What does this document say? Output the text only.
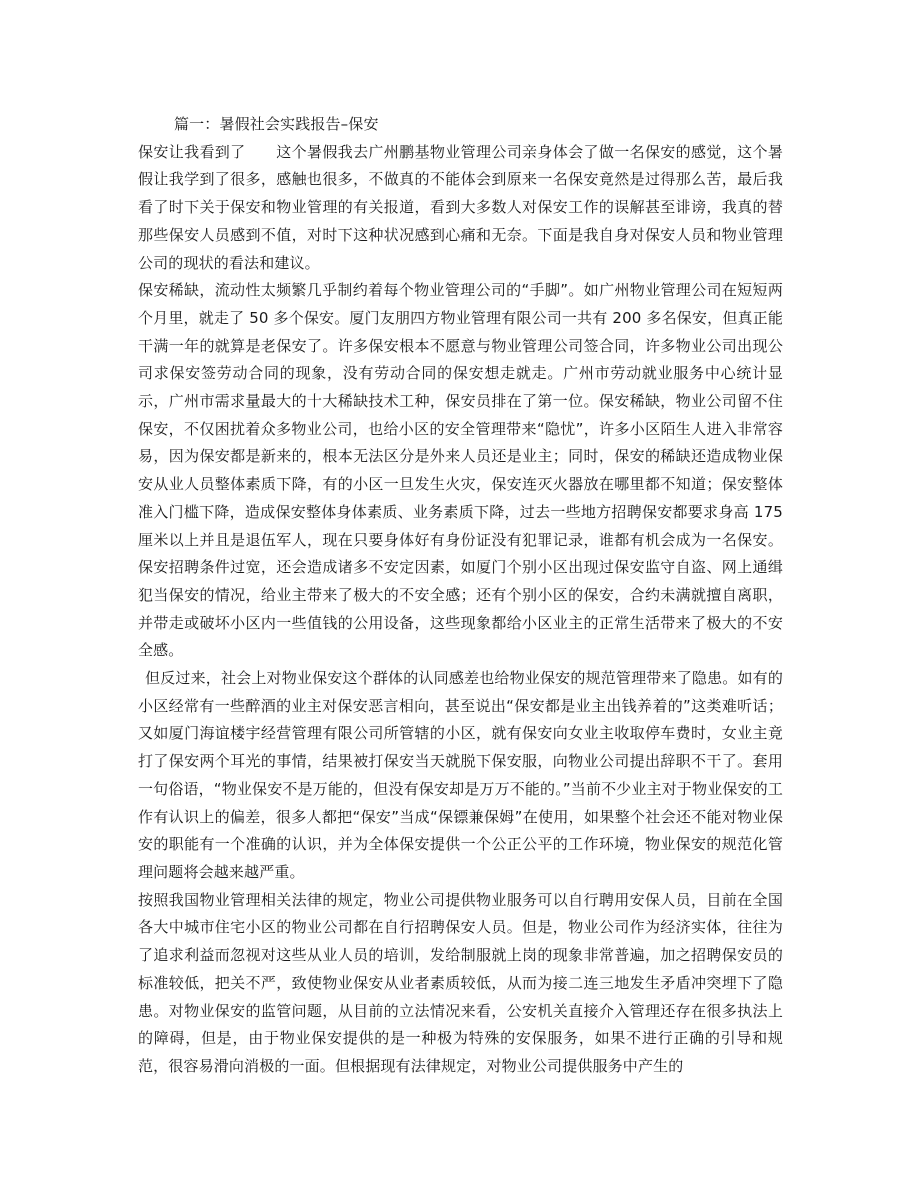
篇一：暑假社会实践报告–保安

保安让我看到了　　这个暑假我去广州鹏基物业管理公司亲身体会了做一名保安的感觉，这个暑假让我学到了很多，感触也很多，不做真的不能体会到原来一名保安竟然是过得那么苦，最后我看了时下关于保安和物业管理的有关报道，看到大多数人对保安工作的误解甚至诽谤，我真的替那些保安人员感到不值，对时下这种状况感到心痛和无奈。下面是我自身对保安人员和物业管理公司的现状的看法和建议。

保安稀缺，流动性太频繁几乎制约着每个物业管理公司的“手脚”。如广州物业管理公司在短短两个月里，就走了 50 多个保安。厦门友朋四方物业管理有限公司一共有 200 多名保安，但真正能干满一年的就算是老保安了。许多保安根本不愿意与物业管理公司签合同，许多物业公司出现公司求保安签劳动合同的现象，没有劳动合同的保安想走就走。广州市劳动就业服务中心统计显示，广州市需求量最大的十大稀缺技术工种，保安员排在了第一位。保安稀缺，物业公司留不住保安，不仅困扰着众多物业公司，也给小区的安全管理带来“隐忧”，许多小区陌生人进入非常容易，因为保安都是新来的，根本无法区分是外来人员还是业主；同时，保安的稀缺还造成物业保安从业人员整体素质下降，有的小区一旦发生火灾，保安连灭火器放在哪里都不知道；保安整体准入门槛下降，造成保安整体身体素质、业务素质下降，过去一些地方招聘保安都要求身高 175 厘米以上并且是退伍军人，现在只要身体好有身份证没有犯罪记录，谁都有机会成为一名保安。保安招聘条件过宽，还会造成诸多不安定因素，如厦门个别小区出现过保安监守自盗、网上通缉犯当保安的情况，给业主带来了极大的不安全感；还有个别小区的保安，合约未满就擅自离职，并带走或破坏小区内一些值钱的公用设备，这些现象都给小区业主的正常生活带来了极大的不安全感。

但反过来，社会上对物业保安这个群体的认同感差也给物业保安的规范管理带来了隐患。如有的小区经常有一些醉酒的业主对保安恶言相向，甚至说出“保安都是业主出钱养着的”这类难听话；又如厦门海谊楼宇经营管理有限公司所管辖的小区，就有保安向女业主收取停车费时，女业主竟打了保安两个耳光的事情，结果被打保安当天就脱下保安服，向物业公司提出辞职不干了。套用一句俗语，“物业保安不是万能的，但没有保安却是万万不能的。”当前不少业主对于物业保安的工作有认识上的偏差，很多人都把“保安”当成“保镖兼保姆”在使用，如果整个社会还不能对物业保安的职能有一个准确的认识，并为全体保安提供一个公正公平的工作环境，物业保安的规范化管理问题将会越来越严重。

按照我国物业管理相关法律的规定，物业公司提供物业服务可以自行聘用安保人员，目前在全国各大中城市住宅小区的物业公司都在自行招聘保安人员。但是，物业公司作为经济实体，往往为了追求利益而忽视对这些从业人员的培训，发给制服就上岗的现象非常普遍，加之招聘保安员的标准较低，把关不严，致使物业保安从业者素质较低，从而为接二连三地发生矛盾冲突埋下了隐患。对物业保安的监管问题，从目前的立法情况来看，公安机关直接介入管理还存在很多执法上的障碍，但是，由于物业保安提供的是一种极为特殊的安保服务，如果不进行正确的引导和规范，很容易滑向消极的一面。但根据现有法律规定，对物业公司提供服务中产生的
